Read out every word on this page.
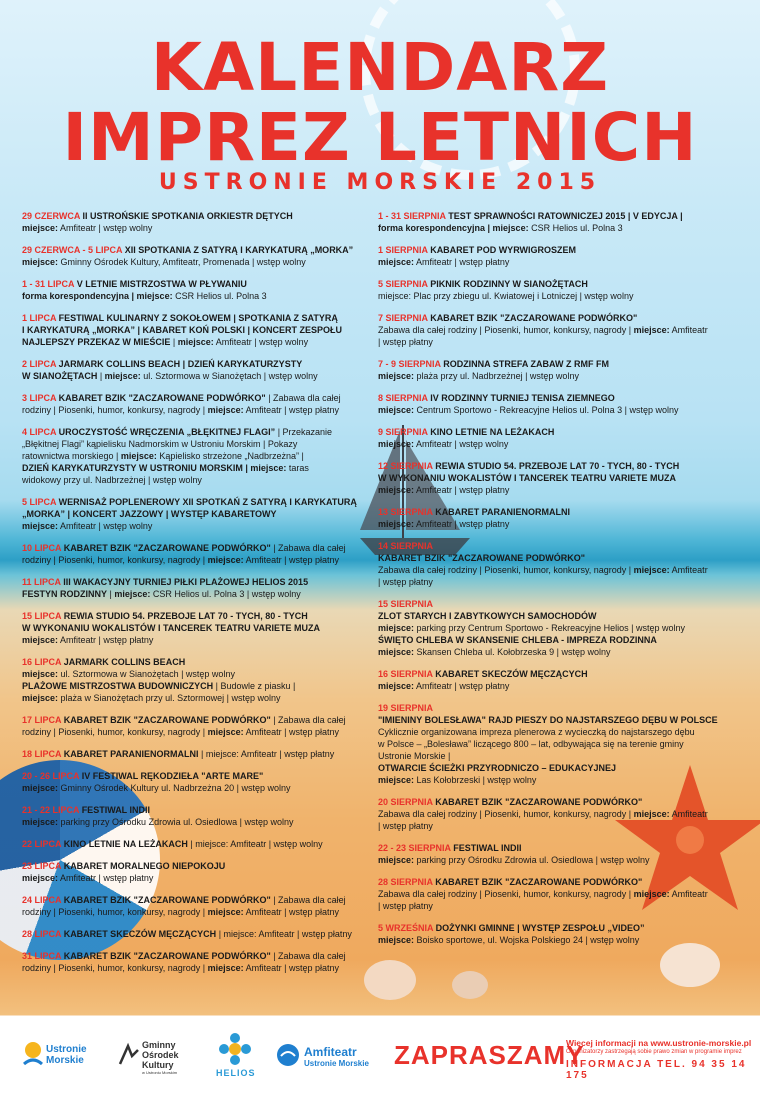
KALENDARZ
IMPREZ LETNICH
USTRONIE MORSKIE 2015

29 CZERWCA II USTROŃSKIE SPOTKANIA ORKIESTR DĘTYCH

miejsce: Amfiteatr | wstęp wolny

29 CZERWCA - 5 LIPCA XII SPOTKANIA Z SATYRĄ I KARYKATURĄ „MORKA”

miejsce: Gminny Ośrodek Kultury, Amfiteatr, Promenada | wstęp wolny

1 - 31 LIPCA V LETNIE MISTRZOSTWA W PŁYWANIU

forma korespondencyjna | miejsce: CSR Helios ul. Polna 3

1 LIPCA FESTIWAL KULINARNY Z SOKOŁOWEM | SPOTKANIA Z SATYRĄ

I KARYKATURĄ „MORKA” | KABARET KOŃ POLSKI | KONCERT ZESPOŁU

NAJLEPSZY PRZEKAZ W MIEŚCIE | miejsce: Amfiteatr | wstęp wolny

2 LIPCA JARMARK COLLINS BEACH | DZIEŃ KARYKATURZYSTY

W SIANOŻĘTACH | miejsce: ul. Sztormowa w Sianożętach | wstęp wolny

3 LIPCA KABARET BZIK "ZACZAROWANE PODWÓRKO" | Zabawa dla całej

rodziny | Piosenki, humor, konkursy, nagrody | miejsce: Amfiteatr | wstęp płatny

4 LIPCA UROCZYSTOŚĆ WRĘCZENIA „BŁĘKITNEJ FLAGI” | Przekazanie

„Błękitnej Flagi” kąpielisku Nadmorskim w Ustroniu Morskim | Pokazy

ratownictwa morskiego | miejsce: Kąpielisko strzeżone „Nadbrzeżna” |

DZIEŃ KARYKATURZYSTY W USTRONIU MORSKIM | miejsce: taras

widokowy przy ul. Nadbrzeżnej | wstęp wolny

5 LIPCA WERNISAŻ POPLENEROWY XII SPOTKAŃ Z SATYRĄ I KARYKATURĄ

„MORKA” | KONCERT JAZZOWY | WYSTĘP KABARETOWY

miejsce: Amfiteatr | wstęp wolny

10 LIPCA KABARET BZIK "ZACZAROWANE PODWÓRKO" | Zabawa dla całej

rodziny | Piosenki, humor, konkursy, nagrody | miejsce: Amfiteatr | wstęp płatny

11 LIPCA III WAKACYJNY TURNIEJ PIŁKI PLAŻOWEJ HELIOS 2015

FESTYN RODZINNY | miejsce: CSR Helios ul. Polna 3 | wstęp wolny

15 LIPCA REWIA STUDIO 54. PRZEBOJE LAT 70 - TYCH, 80 - TYCH

W WYKONANIU WOKALISTÓW I TANCEREK TEATRU VARIETE MUZA

miejsce: Amfiteatr | wstęp płatny

16 LIPCA JARMARK COLLINS BEACH

miejsce: ul. Sztormowa w Sianożętach | wstęp wolny

PLAŻOWE MISTRZOSTWA BUDOWNICZYCH | Budowle z piasku |

miejsce: plaża w Sianożętach przy ul. Sztormowej | wstęp wolny

17 LIPCA KABARET BZIK "ZACZAROWANE PODWÓRKO" | Zabawa dla całej

rodziny | Piosenki, humor, konkursy, nagrody | miejsce: Amfiteatr | wstęp płatny

18 LIPCA KABARET PARANIENORMALNI | miejsce: Amfiteatr | wstęp płatny

20 - 26 LIPCA IV FESTIWAL RĘKODZIEŁA "ARTE MARE"

miejsce: Gminny Ośrodek Kultury ul. Nadbrzeżna 20 | wstęp wolny

21 - 22 LIPCA FESTIWAL INDII

miejsce: parking przy Ośrodku Zdrowia ul. Osiedlowa | wstęp wolny

22 LIPCA KINO LETNIE NA LEŻAKACH | miejsce: Amfiteatr | wstęp wolny

23 LIPCA KABARET MORALNEGO NIEPOKOJU

miejsce: Amfiteatr | wstęp płatny

24 LIPCA KABARET BZIK "ZACZAROWANE PODWÓRKO" | Zabawa dla całej

rodziny | Piosenki, humor, konkursy, nagrody | miejsce: Amfiteatr | wstęp płatny

28 LIPCA KABARET SKECZÓW MĘCZĄCYCH | miejsce: Amfiteatr | wstęp płatny

31 LIPCA KABARET BZIK "ZACZAROWANE PODWÓRKO" | Zabawa dla całej

rodziny | Piosenki, humor, konkursy, nagrody | miejsce: Amfiteatr | wstęp płatny

1 - 31 SIERPNIA TEST SPRAWNOŚCI RATOWNICZEJ 2015 | V EDYCJA |

forma korespondencyjna | miejsce: CSR Helios ul. Polna 3

1 SIERPNIA KABARET POD WYRWIGROSZEM

miejsce: Amfiteatr | wstęp płatny

5 SIERPNIA PIKNIK RODZINNY W SIANOŻĘTACH

miejsce: Plac przy zbiegu ul. Kwiatowej i Lotniczej | wstęp wolny

7 SIERPNIA KABARET BZIK "ZACZAROWANE PODWÓRKO"

Zabawa dla całej rodziny | Piosenki, humor, konkursy, nagrody | miejsce: Amfiteatr

| wstęp płatny

7 - 9 SIERPNIA RODZINNA STREFA ZABAW Z RMF FM

miejsce: plaża przy ul. Nadbrzeżnej | wstęp wolny

8 SIERPNIA IV RODZINNY TURNIEJ TENISA ZIEMNEGO

miejsce: Centrum Sportowo - Rekreacyjne Helios ul. Polna 3 | wstęp wolny

9 SIERPNIA KINO LETNIE NA LEŻAKACH

miejsce: Amfiteatr | wstęp wolny

12 SIERPNIA REWIA STUDIO 54. PRZEBOJE LAT 70 - TYCH, 80 - TYCH

W WYKONANIU WOKALISTÓW I TANCEREK TEATRU VARIETE MUZA

miejsce: Amfiteatr | wstęp płatny

13 SIERPNIA KABARET PARANIENORMALNI

miejsce: Amfiteatr | wstęp płatny

14 SIERPNIA

KABARET BZIK "ZACZAROWANE PODWÓRKO"

Zabawa dla całej rodziny | Piosenki, humor, konkursy, nagrody | miejsce: Amfiteatr

| wstęp płatny

15 SIERPNIA

ZLOT STARYCH I ZABYTKOWYCH SAMOCHODÓW

miejsce: parking przy Centrum Sportowo - Rekreacyjne Helios | wstęp wolny

ŚWIĘTO CHLEBA W SKANSENIE CHLEBA - IMPREZA RODZINNA

miejsce: Skansen Chleba ul. Kołobrzeska 9 | wstęp wolny

16 SIERPNIA KABARET SKECZÓW MĘCZĄCYCH

miejsce: Amfiteatr | wstęp płatny

19 SIERPNIA

"IMIENINY BOLESŁAWA" RAJD PIESZY DO NAJSTARSZEGO DĘBU W POLSCE

Cyklicznie organizowana impreza plenerowa z wycieczką do najstarszego dębu

w Polsce – „Bolesława” liczącego 800 – lat, odbywająca się na terenie gminy

Ustronie Morskie |

OTWARCIE ŚCIEŻKI PRZYRODNICZO – EDUKACYJNEJ

miejsce: Las Kołobrzeski | wstęp wolny

20 SIERPNIA KABARET BZIK "ZACZAROWANE PODWÓRKO"

Zabawa dla całej rodziny | Piosenki, humor, konkursy, nagrody | miejsce: Amfiteatr

| wstęp płatny

22 - 23 SIERPNIA FESTIWAL INDII

miejsce: parking przy Ośrodku Zdrowia ul. Osiedlowa | wstęp wolny

28 SIERPNIA KABARET BZIK "ZACZAROWANE PODWÓRKO"

Zabawa dla całej rodziny | Piosenki, humor, konkursy, nagrody | miejsce: Amfiteatr

| wstęp płatny

5 WRZEŚNIA DOŻYNKI GMINNE | WYSTĘP ZESPOŁU „VIDEO”

miejsce: Boisko sportowe, ul. Wojska Polskiego 24 | wstęp wolny

Ustronie
Morskie
Gminny
Ośrodek
Kultury
w Ustroniu Morskim	HELIOS
Amfiteatr
Ustronie Morskie ZAPRASZAMY
Więcej informacji na www.ustronie-morskie.pl
Organizatorzy zastrzegają sobie prawo zmian w programie imprez
INFORMACJA TEL. 94 35 14 175
